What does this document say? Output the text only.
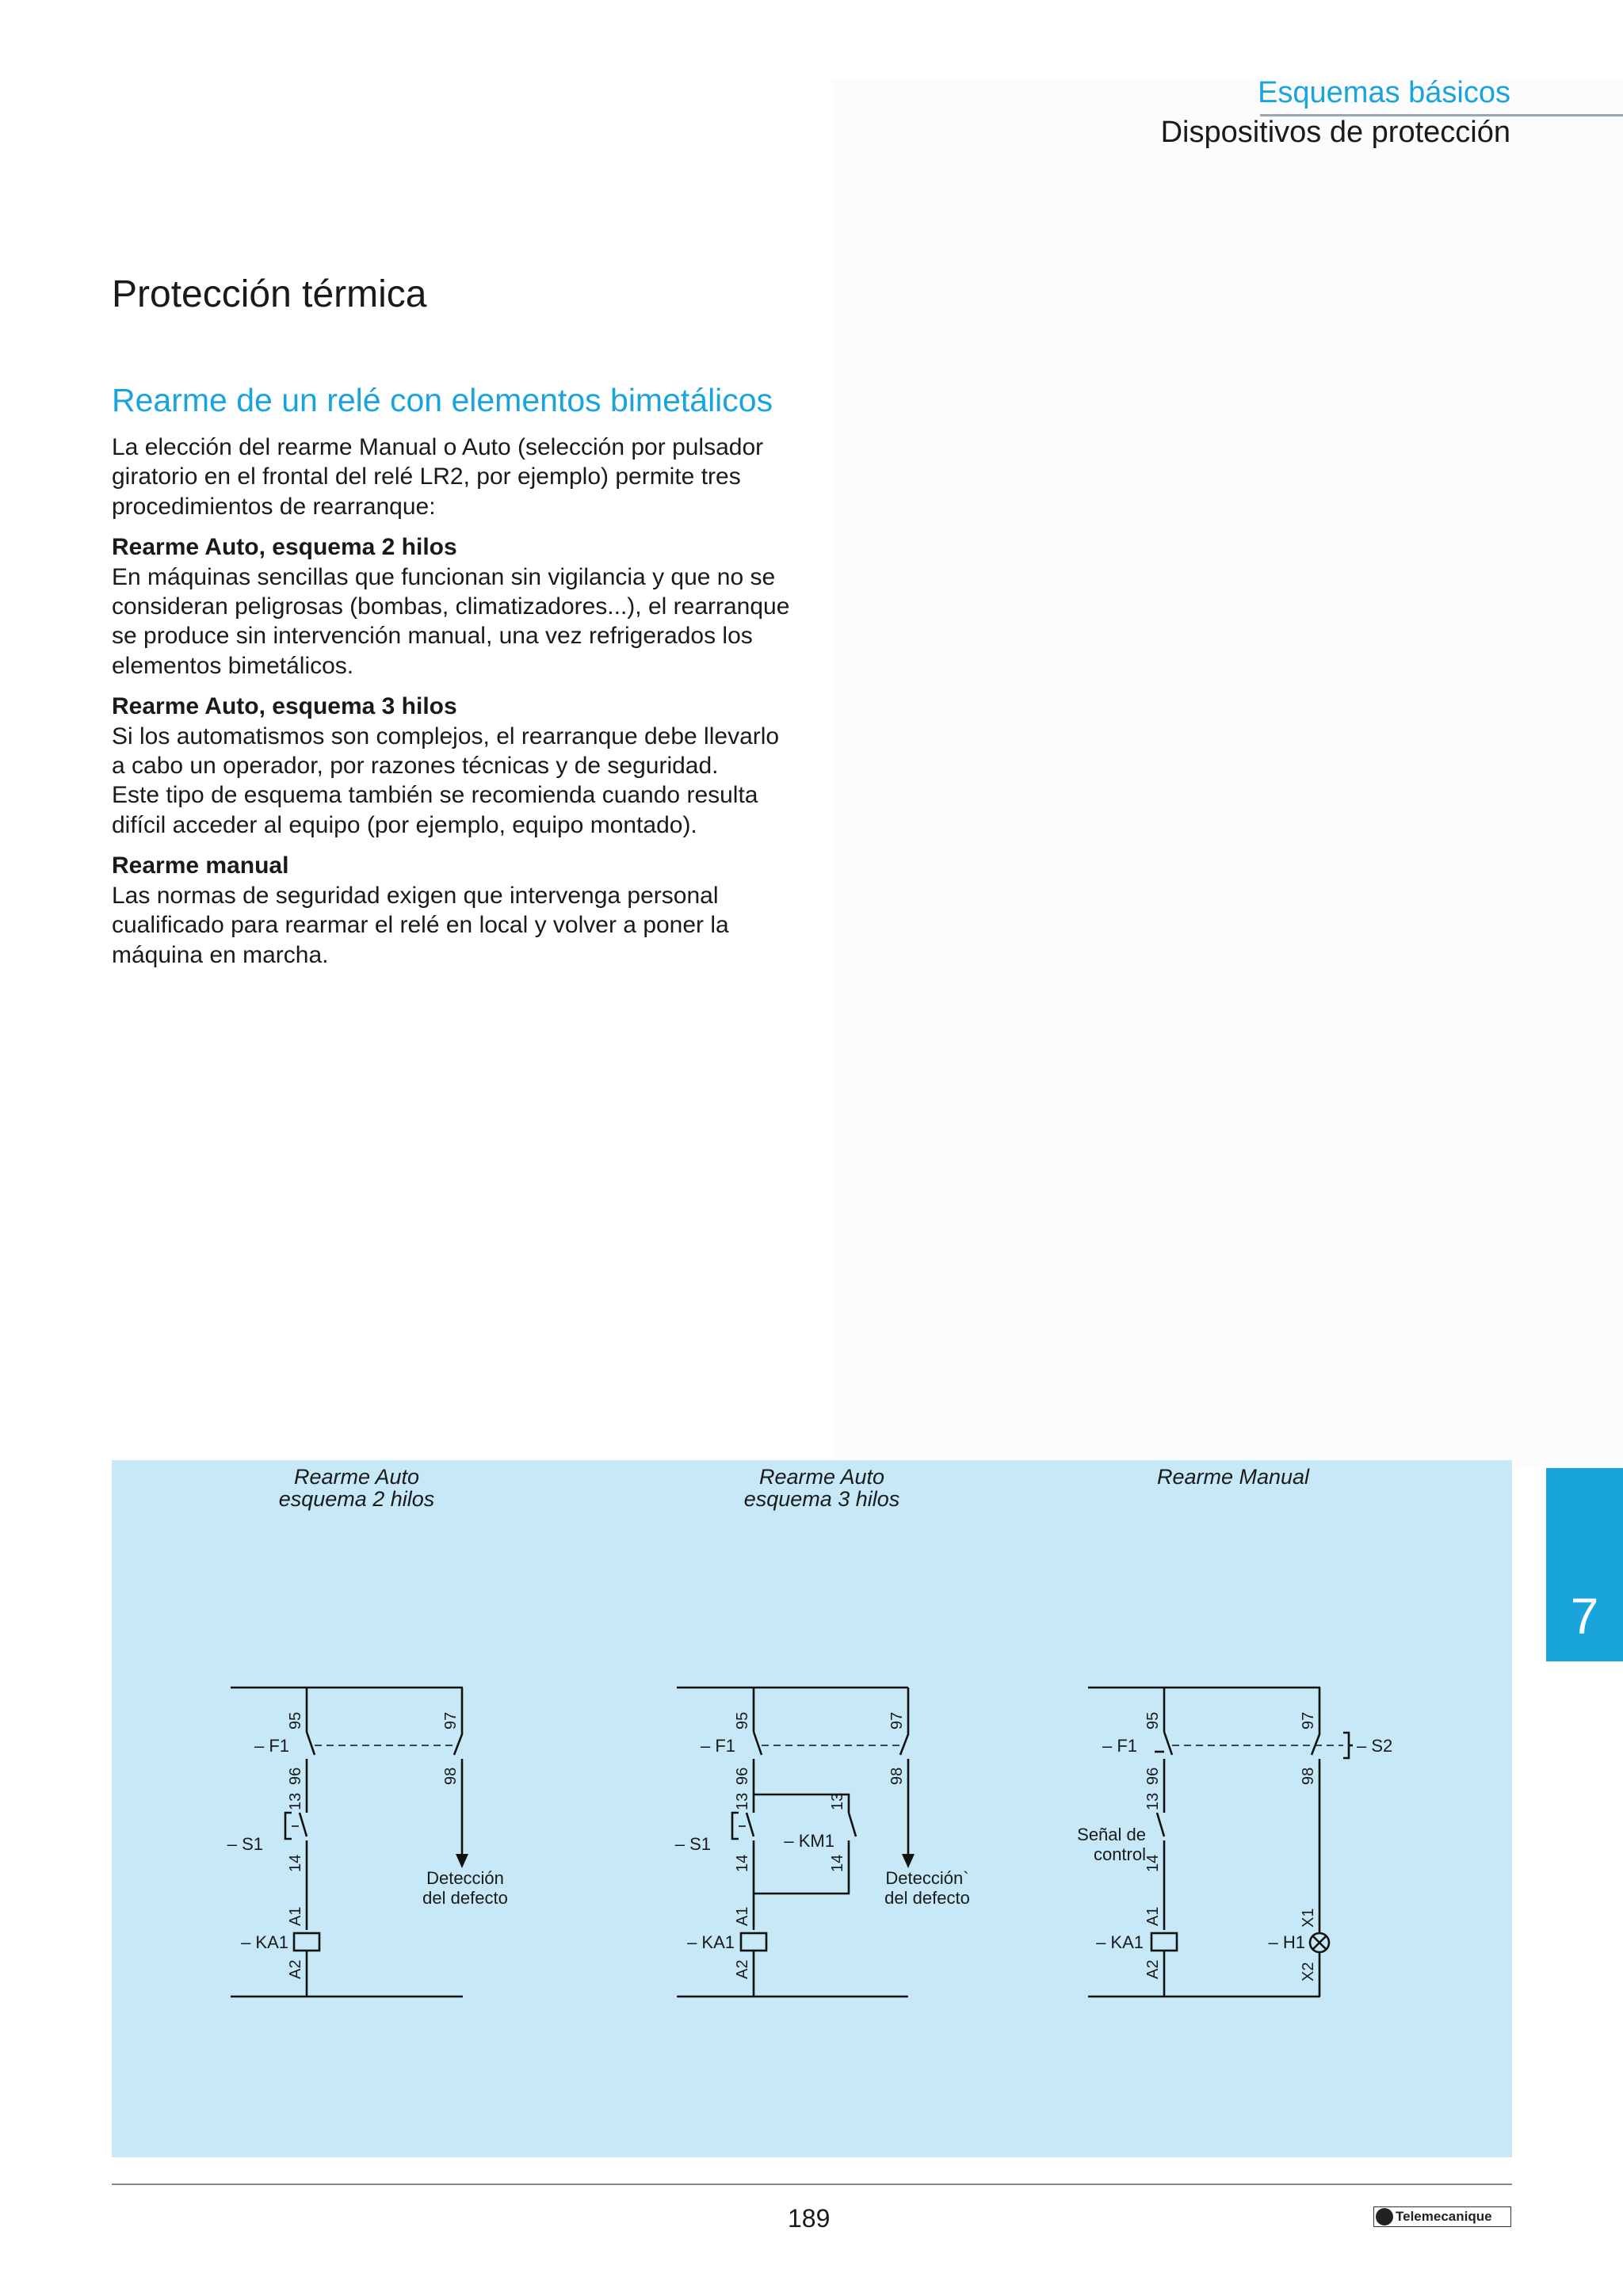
Esquemas básicos
Dispositivos de protección
Protección térmica
Rearme de un relé con elementos bimetálicos

La elección del rearme Manual o Auto (selección por pulsador giratorio en el frontal del relé LR2, por ejemplo) permite tres procedimientos de rearranque:

Rearme Auto, esquema 2 hilos

En máquinas sencillas que funcionan sin vigilancia y que no se consideran peligrosas (bombas, climatizadores...), el rearranque se produce sin intervención manual, una vez refrigerados los elementos bimetálicos.

Rearme Auto, esquema 3 hilos

Si los automatismos son complejos, el rearranque debe llevarlo a cabo un operador, por razones técnicas y de seguridad.

Este tipo de esquema también se recomienda cuando resulta difícil acceder al equipo (por ejemplo, equipo montado).

Rearme manual

Las normas de seguridad exigen que intervenga personal cualificado para rearmar el relé en local y volver a poner la máquina en marcha.

Rearme Auto
esquema 2 hilos
95
96
97
98
13
14
A1
A2
– F1
– S1
– KA1
Detección
del defecto
Rearme Auto
esquema 3 hilos
95
96
97
98
13
14
13
14
A1
A2
– F1
– S1	– KM1
– KA1
Detección`
del defecto
Rearme Manual
95
96
97
98
13
14
A1
A2
X1
X2
– F1	– S2
Señal de
control
– KA1	– H1
7
189	Telemecanique
